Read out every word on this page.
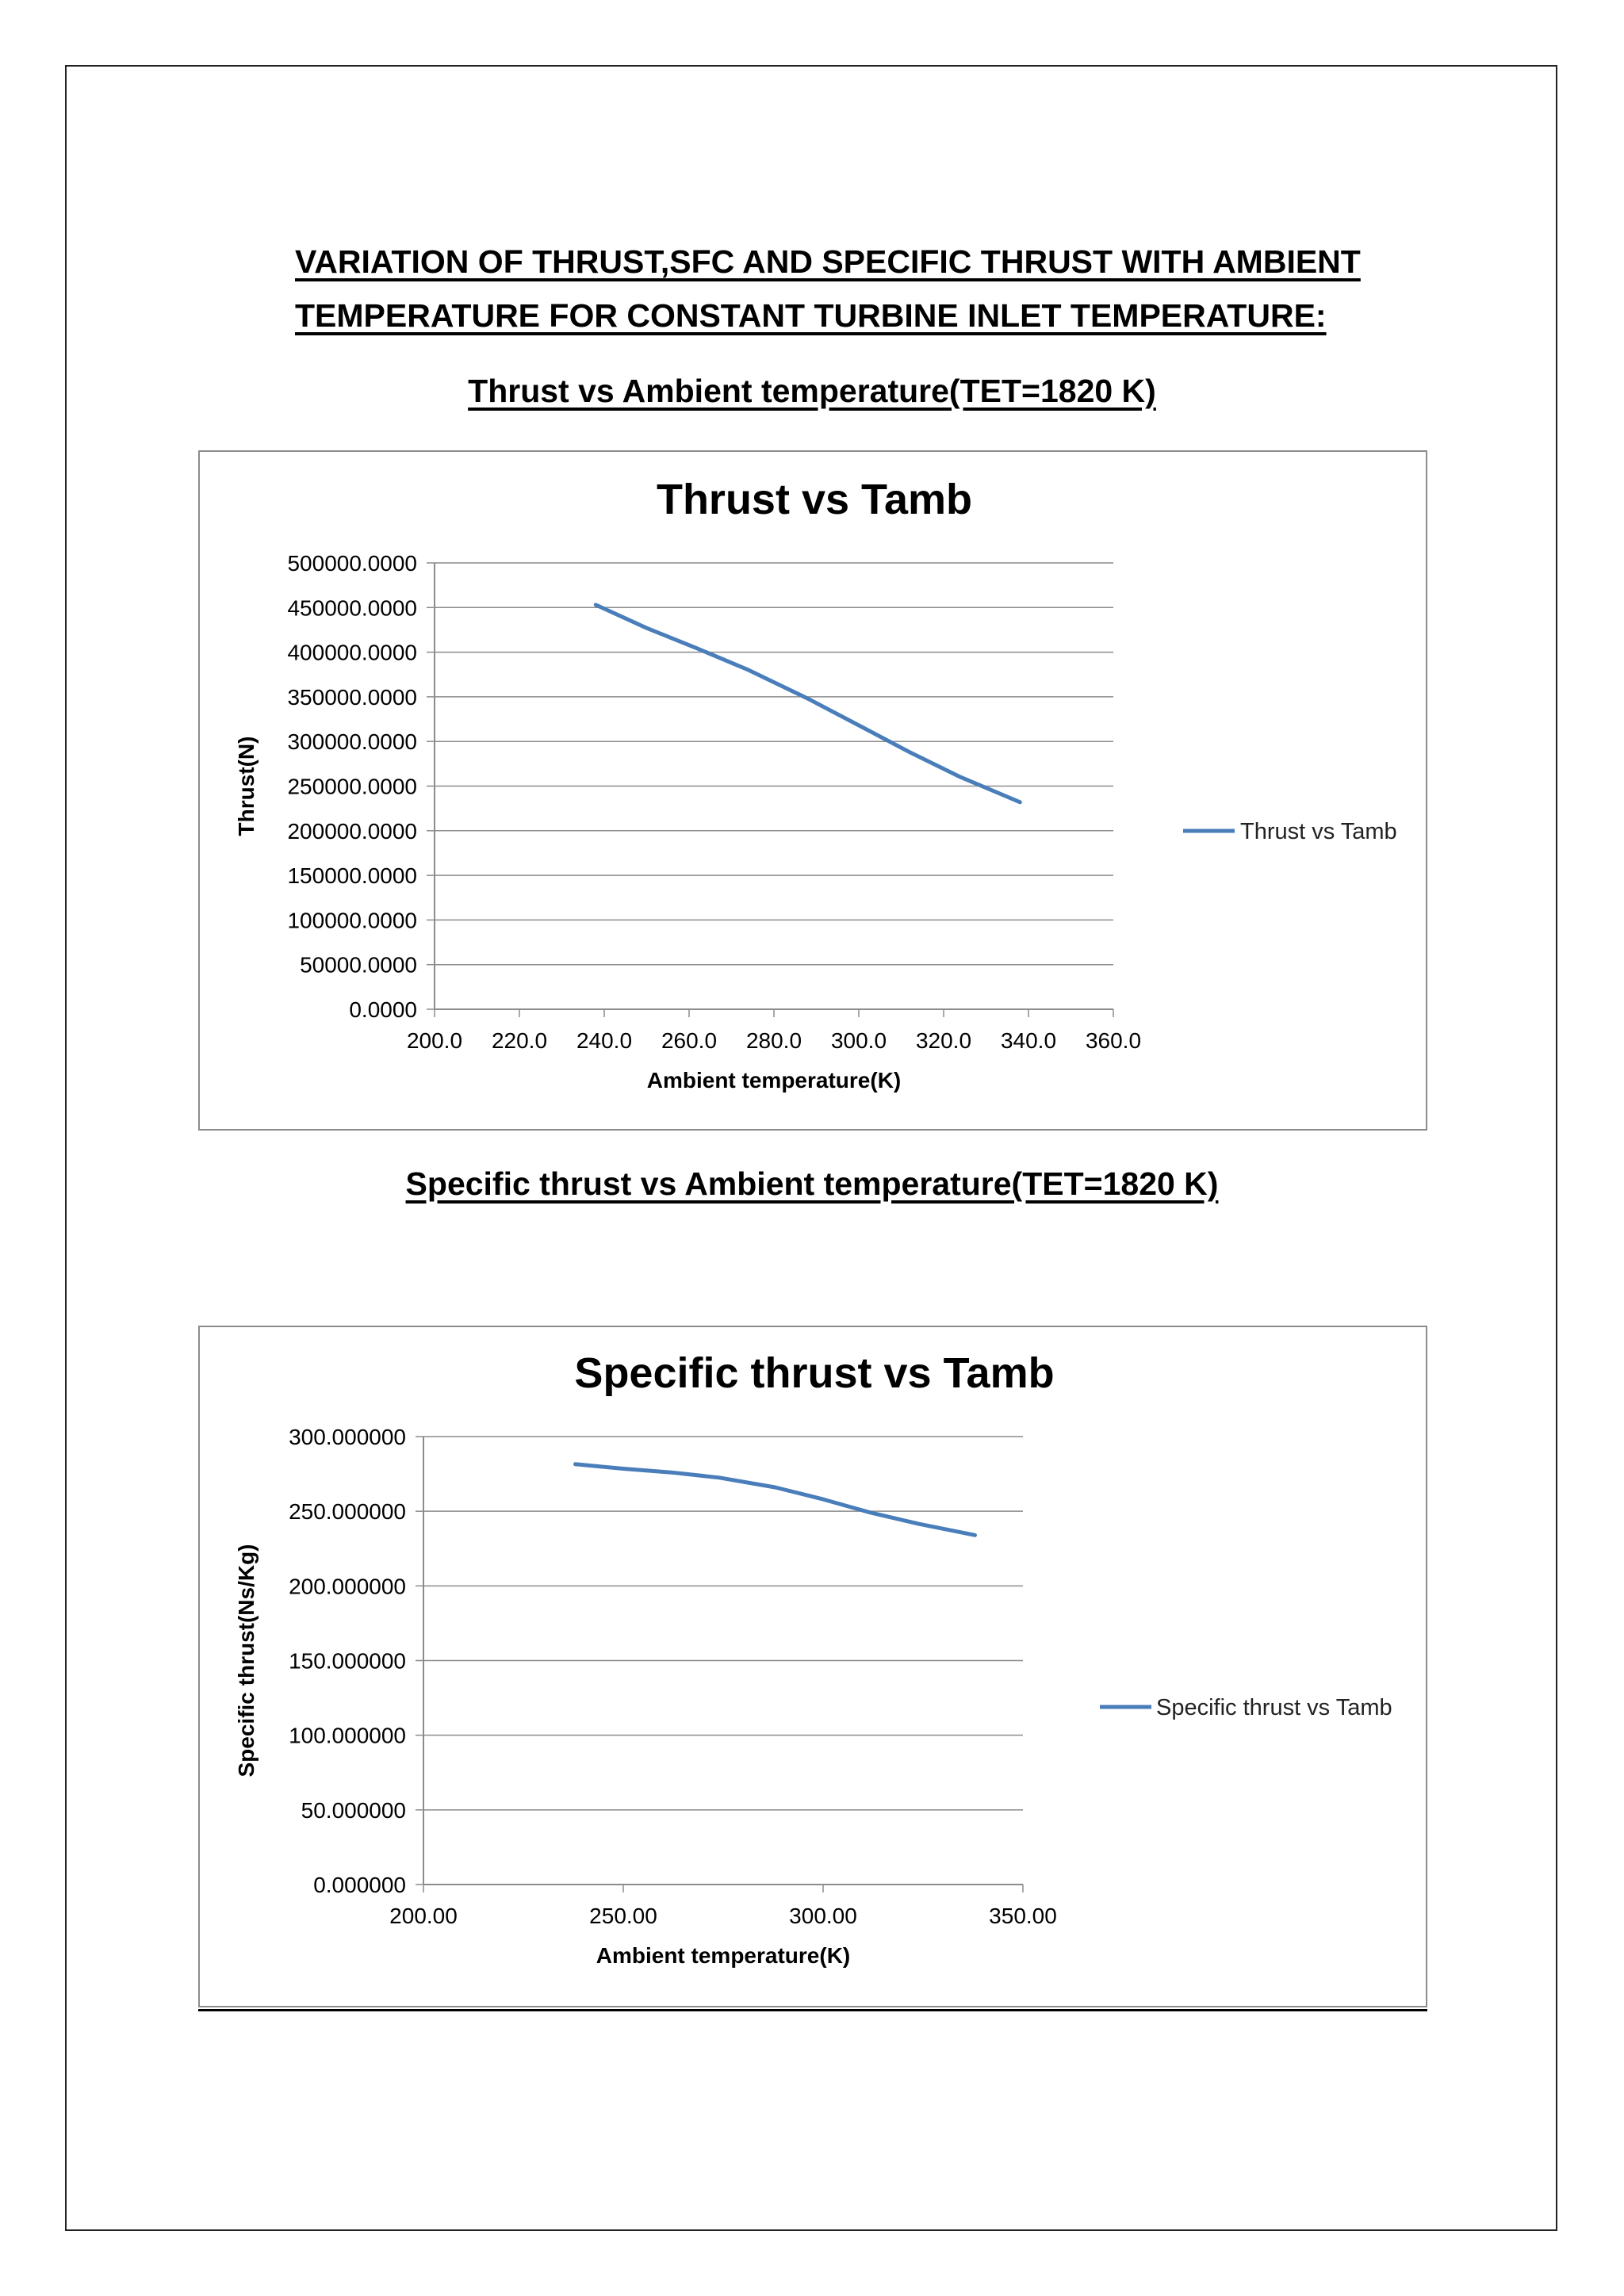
VARIATION OF THRUST,SFC AND SPECIFIC THRUST WITH AMBIENT
TEMPERATURE FOR CONSTANT TURBINE INLET TEMPERATURE:
Thrust vs Ambient temperature(TET=1820 K)
Thrust vs Tamb
0.0000
50000.0000
100000.0000
150000.0000
200000.0000
250000.0000
300000.0000
350000.0000
400000.0000
450000.0000
500000.0000
200.0 220.0 240.0 260.0 280.0 300.0 320.0 340.0 360.0
Ambient temperature(K)
Thrust(N)	Thrust vs Tamb
Specific thrust vs Ambient temperature(TET=1820 K)
Specific thrust vs Tamb
0.000000
50.000000
100.000000
150.000000
200.000000
250.000000
300.000000
200.00	250.00	300.00	350.00
Ambient temperature(K)
Specific thrust(Ns/Kg)	Specific thrust vs Tamb
